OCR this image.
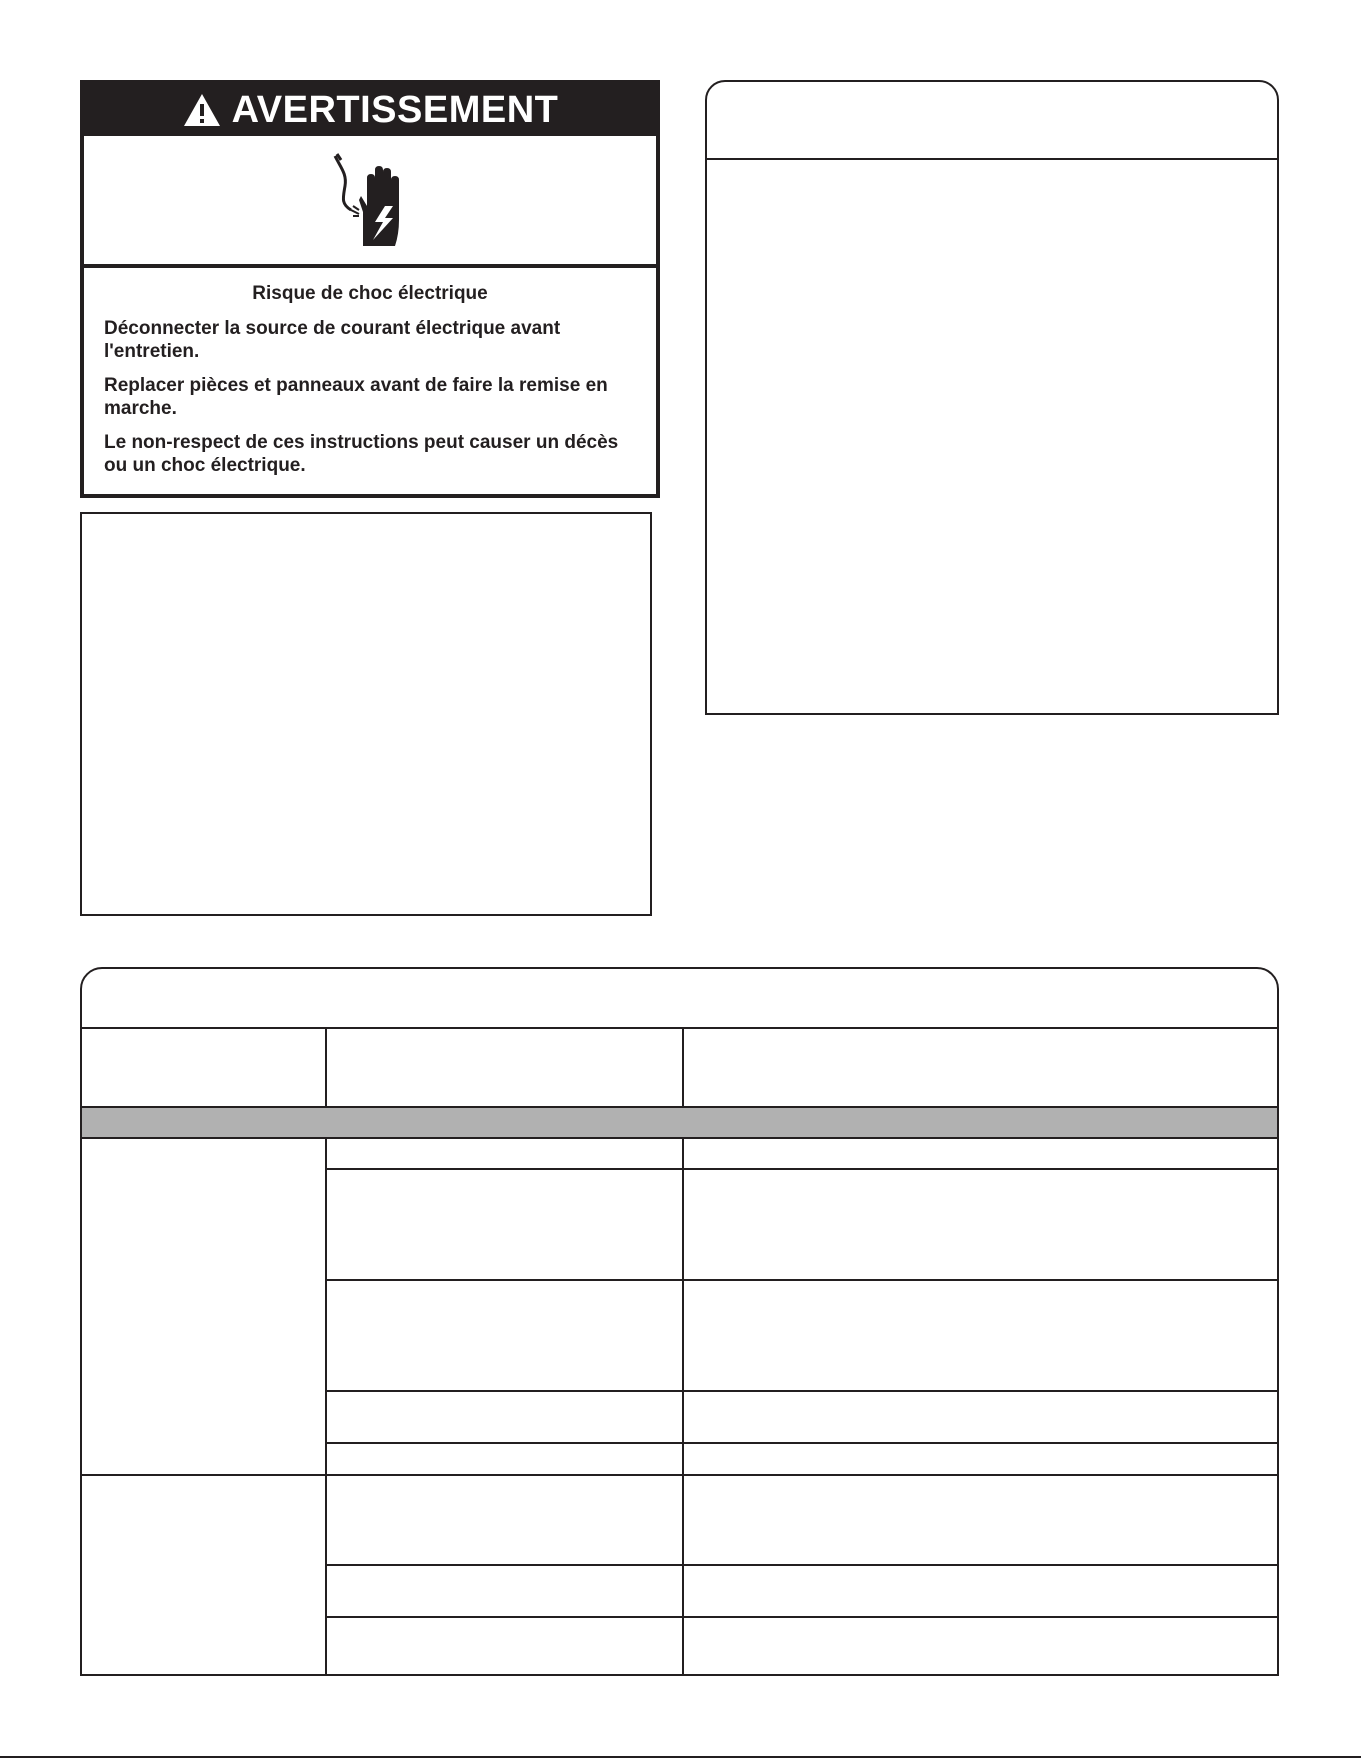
AVERTISSEMENT

Risque de choc électrique

Déconnecter la source de courant électrique avant l'entretien.

Replacer pièces et panneaux avant de faire la remise en marche.

Le non-respect de ces instructions peut causer un décès ou un choc électrique.
